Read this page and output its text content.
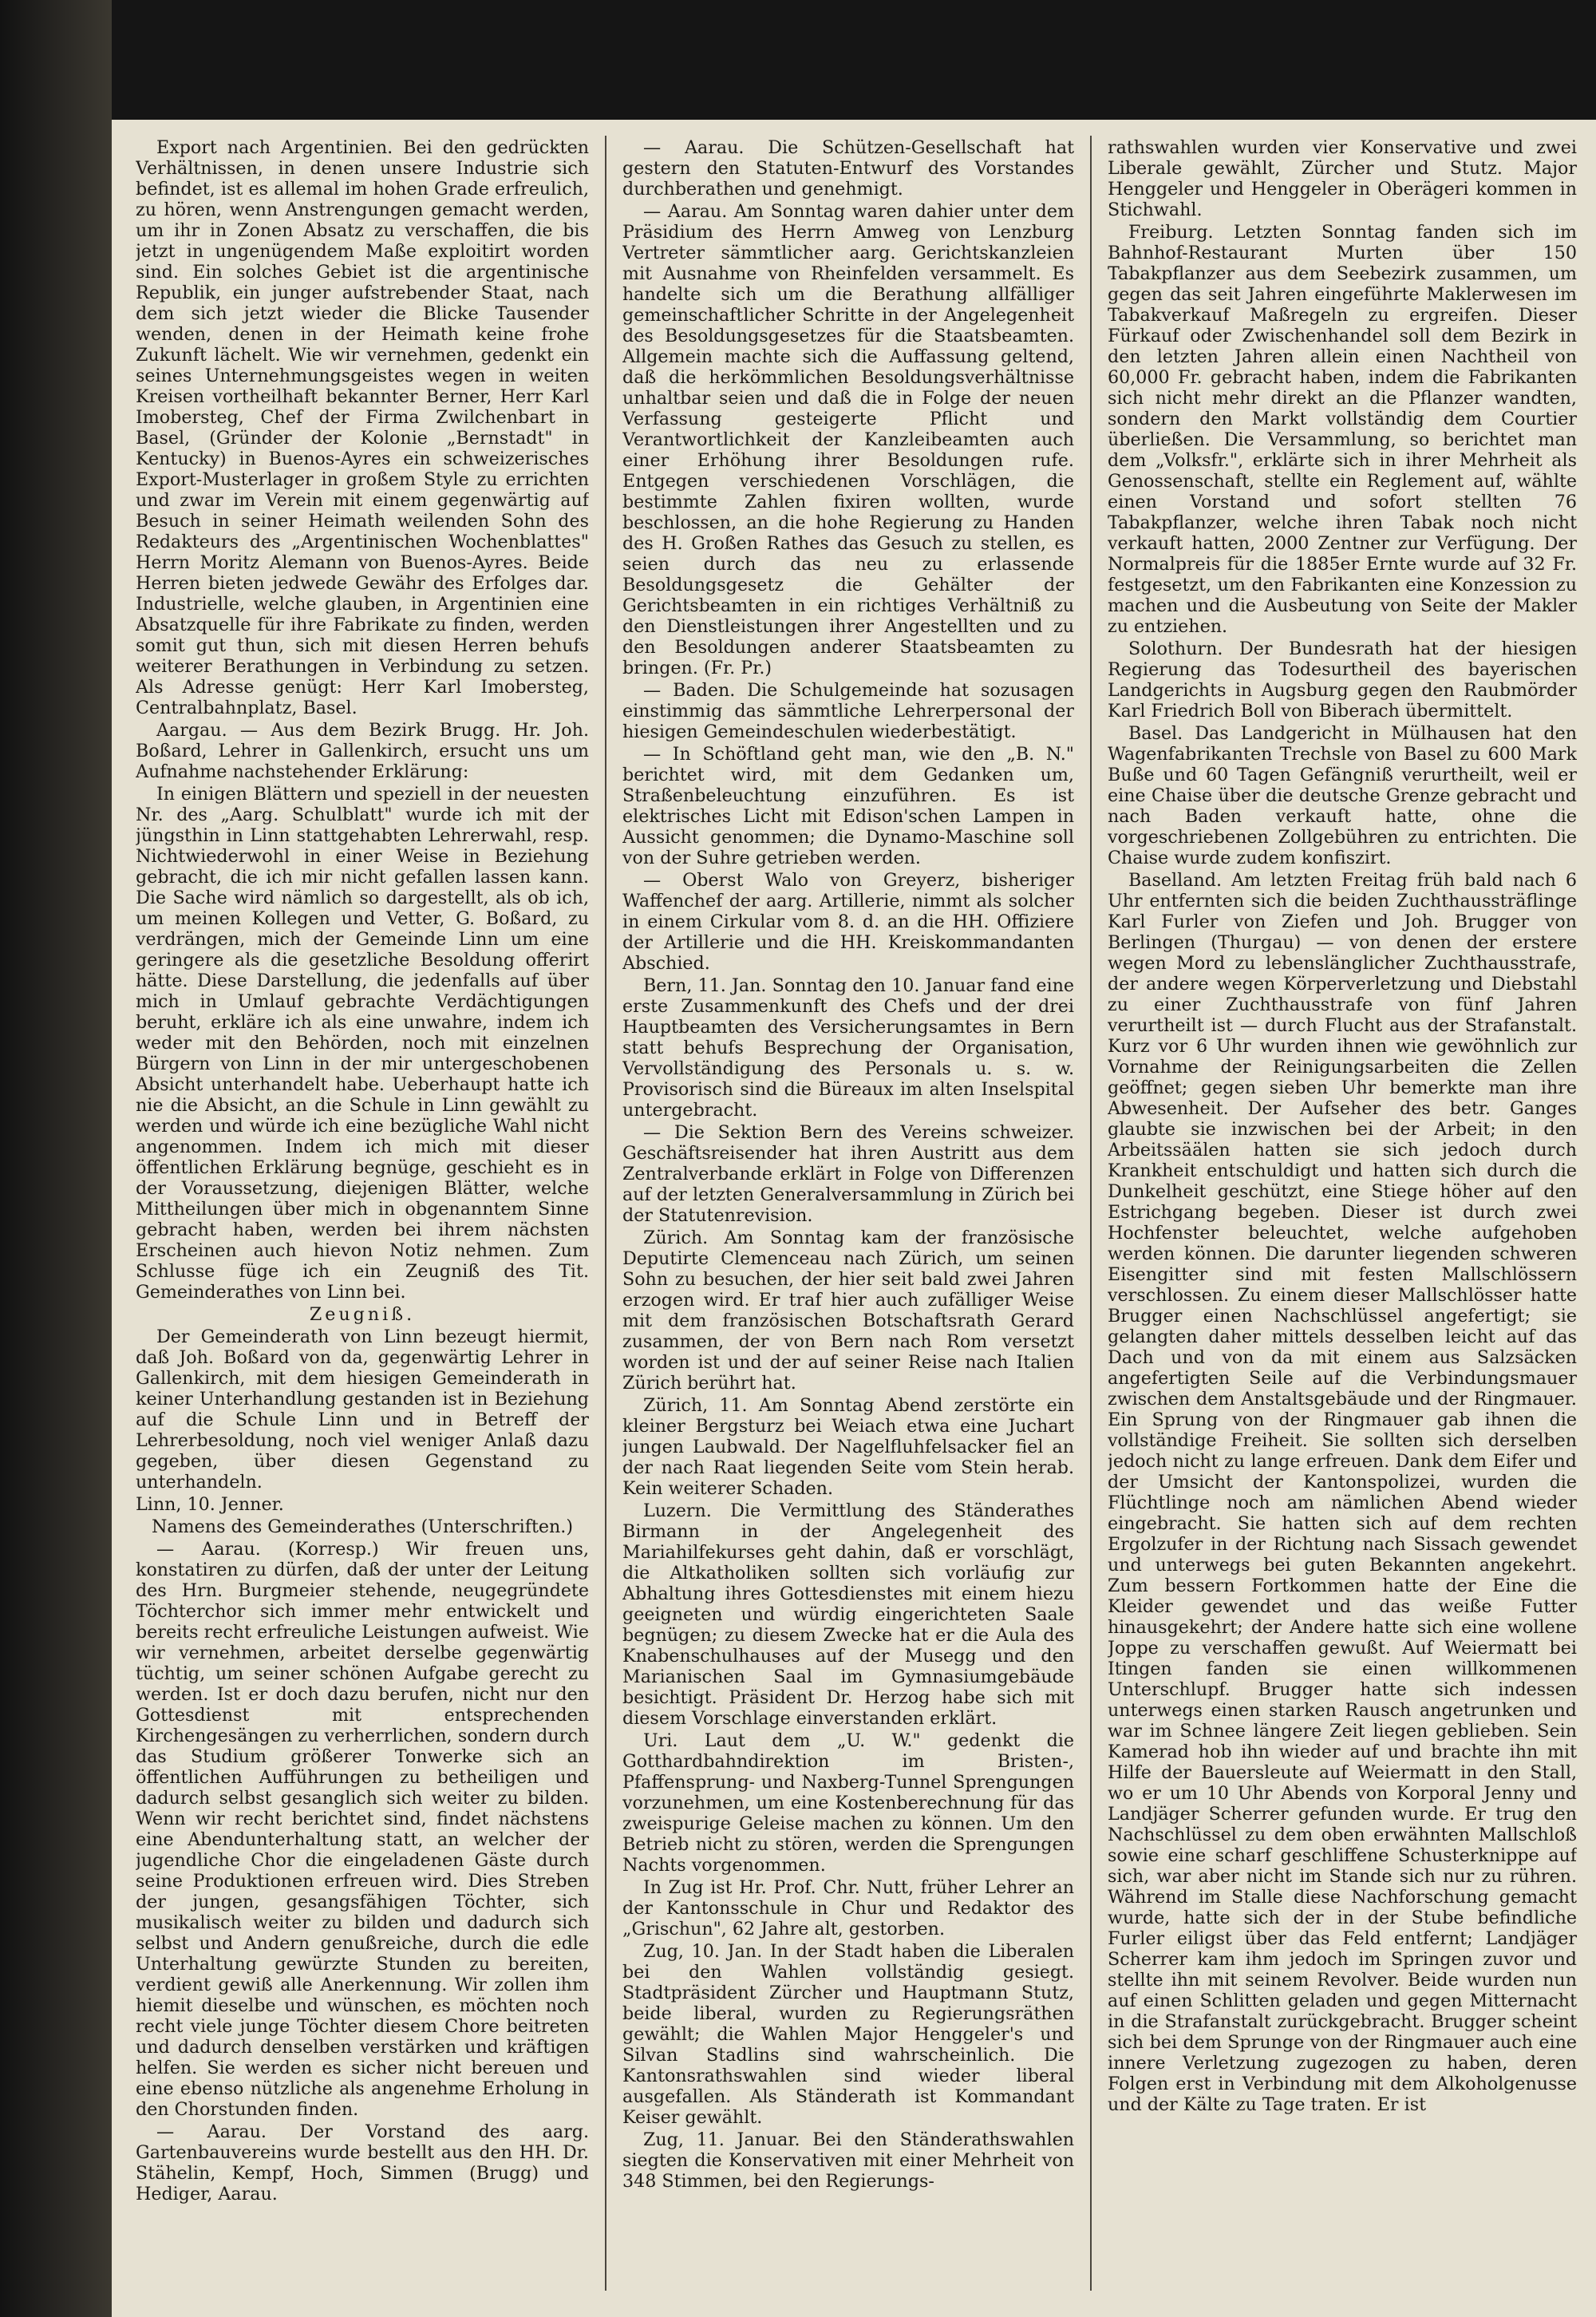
Export nach Argentinien. Bei den gedrückten Verhältnissen, in denen unsere Industrie sich befindet, ist es allemal im hohen Grade erfreulich, zu hören, wenn Anstrengungen gemacht werden, um ihr in Zonen Absatz zu verschaffen, die bis jetzt in ungenügendem Maße exploitirt worden sind. Ein solches Gebiet ist die argentinische Republik, ein junger aufstrebender Staat, nach dem sich jetzt wieder die Blicke Tausender wenden, denen in der Heimath keine frohe Zukunft lächelt. Wie wir vernehmen, gedenkt ein seines Unternehmungsgeistes wegen in weiten Kreisen vortheilhaft bekannter Berner, Herr Karl Imobersteg, Chef der Firma Zwilchenbart in Basel, (Gründer der Kolonie „Bernstadt" in Kentucky) in Buenos-Ayres ein schweizerisches Export-Musterlager in großem Style zu errichten und zwar im Verein mit einem gegenwärtig auf Besuch in seiner Heimath weilenden Sohn des Redakteurs des „Argentinischen Wochenblattes" Herrn Moritz Alemann von Buenos-Ayres. Beide Herren bieten jedwede Gewähr des Erfolges dar. Industrielle, welche glauben, in Argentinien eine Absatzquelle für ihre Fabrikate zu finden, werden somit gut thun, sich mit diesen Herren behufs weiterer Berathungen in Verbindung zu setzen. Als Adresse genügt: Herr Karl Imobersteg, Centralbahnplatz, Basel.

Aargau. — Aus dem Bezirk Brugg. Hr. Joh. Boßard, Lehrer in Gallenkirch, ersucht uns um Aufnahme nachstehender Erklärung:

In einigen Blättern und speziell in der neuesten Nr. des „Aarg. Schulblatt" wurde ich mit der jüngsthin in Linn stattgehabten Lehrerwahl, resp. Nichtwiederwohl in einer Weise in Beziehung gebracht, die ich mir nicht gefallen lassen kann. Die Sache wird nämlich so dargestellt, als ob ich, um meinen Kollegen und Vetter, G. Boßard, zu verdrängen, mich der Gemeinde Linn um eine geringere als die gesetzliche Besoldung offerirt hätte. Diese Darstellung, die jedenfalls auf über mich in Umlauf gebrachte Verdächtigungen beruht, erkläre ich als eine unwahre, indem ich weder mit den Behörden, noch mit einzelnen Bürgern von Linn in der mir untergeschobenen Absicht unterhandelt habe. Ueberhaupt hatte ich nie die Absicht, an die Schule in Linn gewählt zu werden und würde ich eine bezügliche Wahl nicht angenommen. Indem ich mich mit dieser öffentlichen Erklärung begnüge, geschieht es in der Voraussetzung, diejenigen Blätter, welche Mittheilungen über mich in obgenanntem Sinne gebracht haben, werden bei ihrem nächsten Erscheinen auch hievon Notiz nehmen. Zum Schlusse füge ich ein Zeugniß des Tit. Gemeinderathes von Linn bei.

Zeugniß.

Der Gemeinderath von Linn bezeugt hiermit, daß Joh. Boßard von da, gegenwärtig Lehrer in Gallenkirch, mit dem hiesigen Gemeinderath in keiner Unterhandlung gestanden ist in Beziehung auf die Schule Linn und in Betreff der Lehrerbesoldung, noch viel weniger Anlaß dazu gegeben, über diesen Gegenstand zu unterhandeln.

Linn, 10. Jenner.

Namens des Gemeinderathes (Unterschriften.)

— Aarau. (Korresp.) Wir freuen uns, konstatiren zu dürfen, daß der unter der Leitung des Hrn. Burgmeier stehende, neugegründete Töchterchor sich immer mehr entwickelt und bereits recht erfreuliche Leistungen aufweist. Wie wir vernehmen, arbeitet derselbe gegenwärtig tüchtig, um seiner schönen Aufgabe gerecht zu werden. Ist er doch dazu berufen, nicht nur den Gottesdienst mit entsprechenden Kirchengesängen zu verherrlichen, sondern durch das Studium größerer Tonwerke sich an öffentlichen Aufführungen zu betheiligen und dadurch selbst gesanglich sich weiter zu bilden. Wenn wir recht berichtet sind, findet nächstens eine Abendunterhaltung statt, an welcher der jugendliche Chor die eingeladenen Gäste durch seine Produktionen erfreuen wird. Dies Streben der jungen, gesangsfähigen Töchter, sich musikalisch weiter zu bilden und dadurch sich selbst und Andern genußreiche, durch die edle Unterhaltung gewürzte Stunden zu bereiten, verdient gewiß alle Anerkennung. Wir zollen ihm hiemit dieselbe und wünschen, es möchten noch recht viele junge Töchter diesem Chore beitreten und dadurch denselben verstärken und kräftigen helfen. Sie werden es sicher nicht bereuen und eine ebenso nützliche als angenehme Erholung in den Chorstunden finden.

— Aarau. Der Vorstand des aarg. Gartenbauvereins wurde bestellt aus den HH. Dr. Stähelin, Kempf, Hoch, Simmen (Brugg) und Hediger, Aarau.

— Aarau. Die Schützen-Gesellschaft hat gestern den Statuten-Entwurf des Vorstandes durchberathen und genehmigt.

— Aarau. Am Sonntag waren dahier unter dem Präsidium des Herrn Amweg von Lenzburg Vertreter sämmtlicher aarg. Gerichtskanzleien mit Ausnahme von Rheinfelden versammelt. Es handelte sich um die Berathung allfälliger gemeinschaftlicher Schritte in der Angelegenheit des Besoldungsgesetzes für die Staatsbeamten. Allgemein machte sich die Auffassung geltend, daß die herkömmlichen Besoldungsverhältnisse unhaltbar seien und daß die in Folge der neuen Verfassung gesteigerte Pflicht und Verantwortlichkeit der Kanzleibeamten auch einer Erhöhung ihrer Besoldungen rufe. Entgegen verschiedenen Vorschlägen, die bestimmte Zahlen fixiren wollten, wurde beschlossen, an die hohe Regierung zu Handen des H. Großen Rathes das Gesuch zu stellen, es seien durch das neu zu erlassende Besoldungsgesetz die Gehälter der Gerichtsbeamten in ein richtiges Verhältniß zu den Dienstleistungen ihrer Angestellten und zu den Besoldungen anderer Staatsbeamten zu bringen. (Fr. Pr.)

— Baden. Die Schulgemeinde hat sozusagen einstimmig das sämmtliche Lehrerpersonal der hiesigen Gemeindeschulen wiederbestätigt.

— In Schöftland geht man, wie den „B. N." berichtet wird, mit dem Gedanken um, Straßenbeleuchtung einzuführen. Es ist elektrisches Licht mit Edison'schen Lampen in Aussicht genommen; die Dynamo-Maschine soll von der Suhre getrieben werden.

— Oberst Walo von Greyerz, bisheriger Waffenchef der aarg. Artillerie, nimmt als solcher in einem Cirkular vom 8. d. an die HH. Offiziere der Artillerie und die HH. Kreiskommandanten Abschied.

Bern, 11. Jan. Sonntag den 10. Januar fand eine erste Zusammenkunft des Chefs und der drei Hauptbeamten des Versicherungsamtes in Bern statt behufs Besprechung der Organisation, Vervollständigung des Personals u. s. w. Provisorisch sind die Büreaux im alten Inselspital untergebracht.

— Die Sektion Bern des Vereins schweizer. Geschäftsreisender hat ihren Austritt aus dem Zentralverbande erklärt in Folge von Differenzen auf der letzten Generalversammlung in Zürich bei der Statutenrevision.

Zürich. Am Sonntag kam der französische Deputirte Clemenceau nach Zürich, um seinen Sohn zu besuchen, der hier seit bald zwei Jahren erzogen wird. Er traf hier auch zufälliger Weise mit dem französischen Botschaftsrath Gerard zusammen, der von Bern nach Rom versetzt worden ist und der auf seiner Reise nach Italien Zürich berührt hat.

Zürich, 11. Am Sonntag Abend zerstörte ein kleiner Bergsturz bei Weiach etwa eine Juchart jungen Laubwald. Der Nagelfluhfelsacker fiel an der nach Raat liegenden Seite vom Stein herab. Kein weiterer Schaden.

Luzern. Die Vermittlung des Ständerathes Birmann in der Angelegenheit des Mariahilfekurses geht dahin, daß er vorschlägt, die Altkatholiken sollten sich vorläufig zur Abhaltung ihres Gottesdienstes mit einem hiezu geeigneten und würdig eingerichteten Saale begnügen; zu diesem Zwecke hat er die Aula des Knabenschulhauses auf der Musegg und den Marianischen Saal im Gymnasiumgebäude besichtigt. Präsident Dr. Herzog habe sich mit diesem Vorschlage einverstanden erklärt.

Uri. Laut dem „U. W." gedenkt die Gotthardbahndirektion im Bristen-, Pfaffensprung- und Naxberg-Tunnel Sprengungen vorzunehmen, um eine Kostenberechnung für das zweispurige Geleise machen zu können. Um den Betrieb nicht zu stören, werden die Sprengungen Nachts vorgenommen.

In Zug ist Hr. Prof. Chr. Nutt, früher Lehrer an der Kantonsschule in Chur und Redaktor des „Grischun", 62 Jahre alt, gestorben.

Zug, 10. Jan. In der Stadt haben die Liberalen bei den Wahlen vollständig gesiegt. Stadtpräsident Zürcher und Hauptmann Stutz, beide liberal, wurden zu Regierungsräthen gewählt; die Wahlen Major Henggeler's und Silvan Stadlins sind wahrscheinlich. Die Kantonsrathswahlen sind wieder liberal ausgefallen. Als Ständerath ist Kommandant Keiser gewählt.

Zug, 11. Januar. Bei den Ständerathswahlen siegten die Konservativen mit einer Mehrheit von 348 Stimmen, bei den Regierungs-

rathswahlen wurden vier Konservative und zwei Liberale gewählt, Zürcher und Stutz. Major Henggeler und Henggeler in Oberägeri kommen in Stichwahl.

Freiburg. Letzten Sonntag fanden sich im Bahnhof-Restaurant Murten über 150 Tabakpflanzer aus dem Seebezirk zusammen, um gegen das seit Jahren eingeführte Maklerwesen im Tabakverkauf Maßregeln zu ergreifen. Dieser Fürkauf oder Zwischenhandel soll dem Bezirk in den letzten Jahren allein einen Nachtheil von 60,000 Fr. gebracht haben, indem die Fabrikanten sich nicht mehr direkt an die Pflanzer wandten, sondern den Markt vollständig dem Courtier überließen. Die Versammlung, so berichtet man dem „Volksfr.", erklärte sich in ihrer Mehrheit als Genossenschaft, stellte ein Reglement auf, wählte einen Vorstand und sofort stellten 76 Tabakpflanzer, welche ihren Tabak noch nicht verkauft hatten, 2000 Zentner zur Verfügung. Der Normalpreis für die 1885er Ernte wurde auf 32 Fr. festgesetzt, um den Fabrikanten eine Konzession zu machen und die Ausbeutung von Seite der Makler zu entziehen.

Solothurn. Der Bundesrath hat der hiesigen Regierung das Todesurtheil des bayerischen Landgerichts in Augsburg gegen den Raubmörder Karl Friedrich Boll von Biberach übermittelt.

Basel. Das Landgericht in Mülhausen hat den Wagenfabrikanten Trechsle von Basel zu 600 Mark Buße und 60 Tagen Gefängniß verurtheilt, weil er eine Chaise über die deutsche Grenze gebracht und nach Baden verkauft hatte, ohne die vorgeschriebenen Zollgebühren zu entrichten. Die Chaise wurde zudem konfiszirt.

Baselland. Am letzten Freitag früh bald nach 6 Uhr entfernten sich die beiden Zuchthaussträflinge Karl Furler von Ziefen und Joh. Brugger von Berlingen (Thurgau) — von denen der erstere wegen Mord zu lebenslänglicher Zuchthausstrafe, der andere wegen Körperverletzung und Diebstahl zu einer Zuchthausstrafe von fünf Jahren verurtheilt ist — durch Flucht aus der Strafanstalt. Kurz vor 6 Uhr wurden ihnen wie gewöhnlich zur Vornahme der Reinigungsarbeiten die Zellen geöffnet; gegen sieben Uhr bemerkte man ihre Abwesenheit. Der Aufseher des betr. Ganges glaubte sie inzwischen bei der Arbeit; in den Arbeitssäälen hatten sie sich jedoch durch Krankheit entschuldigt und hatten sich durch die Dunkelheit geschützt, eine Stiege höher auf den Estrichgang begeben. Dieser ist durch zwei Hochfenster beleuchtet, welche aufgehoben werden können. Die darunter liegenden schweren Eisengitter sind mit festen Mallschlössern verschlossen. Zu einem dieser Mallschlösser hatte Brugger einen Nachschlüssel angefertigt; sie gelangten daher mittels desselben leicht auf das Dach und von da mit einem aus Salzsäcken angefertigten Seile auf die Verbindungsmauer zwischen dem Anstaltsgebäude und der Ringmauer. Ein Sprung von der Ringmauer gab ihnen die vollständige Freiheit. Sie sollten sich derselben jedoch nicht zu lange erfreuen. Dank dem Eifer und der Umsicht der Kantonspolizei, wurden die Flüchtlinge noch am nämlichen Abend wieder eingebracht. Sie hatten sich auf dem rechten Ergolzufer in der Richtung nach Sissach gewendet und unterwegs bei guten Bekannten angekehrt. Zum bessern Fortkommen hatte der Eine die Kleider gewendet und das weiße Futter hinausgekehrt; der Andere hatte sich eine wollene Joppe zu verschaffen gewußt. Auf Weiermatt bei Itingen fanden sie einen willkommenen Unterschlupf. Brugger hatte sich indessen unterwegs einen starken Rausch angetrunken und war im Schnee längere Zeit liegen geblieben. Sein Kamerad hob ihn wieder auf und brachte ihn mit Hilfe der Bauersleute auf Weiermatt in den Stall, wo er um 10 Uhr Abends von Korporal Jenny und Landjäger Scherrer gefunden wurde. Er trug den Nachschlüssel zu dem oben erwähnten Mallschloß sowie eine scharf geschliffene Schusterknippe auf sich, war aber nicht im Stande sich nur zu rühren. Während im Stalle diese Nachforschung gemacht wurde, hatte sich der in der Stube befindliche Furler eiligst über das Feld entfernt; Landjäger Scherrer kam ihm jedoch im Springen zuvor und stellte ihn mit seinem Revolver. Beide wurden nun auf einen Schlitten geladen und gegen Mitternacht in die Strafanstalt zurückgebracht. Brugger scheint sich bei dem Sprunge von der Ringmauer auch eine innere Verletzung zugezogen zu haben, deren Folgen erst in Verbindung mit dem Alkoholgenusse und der Kälte zu Tage traten. Er ist
